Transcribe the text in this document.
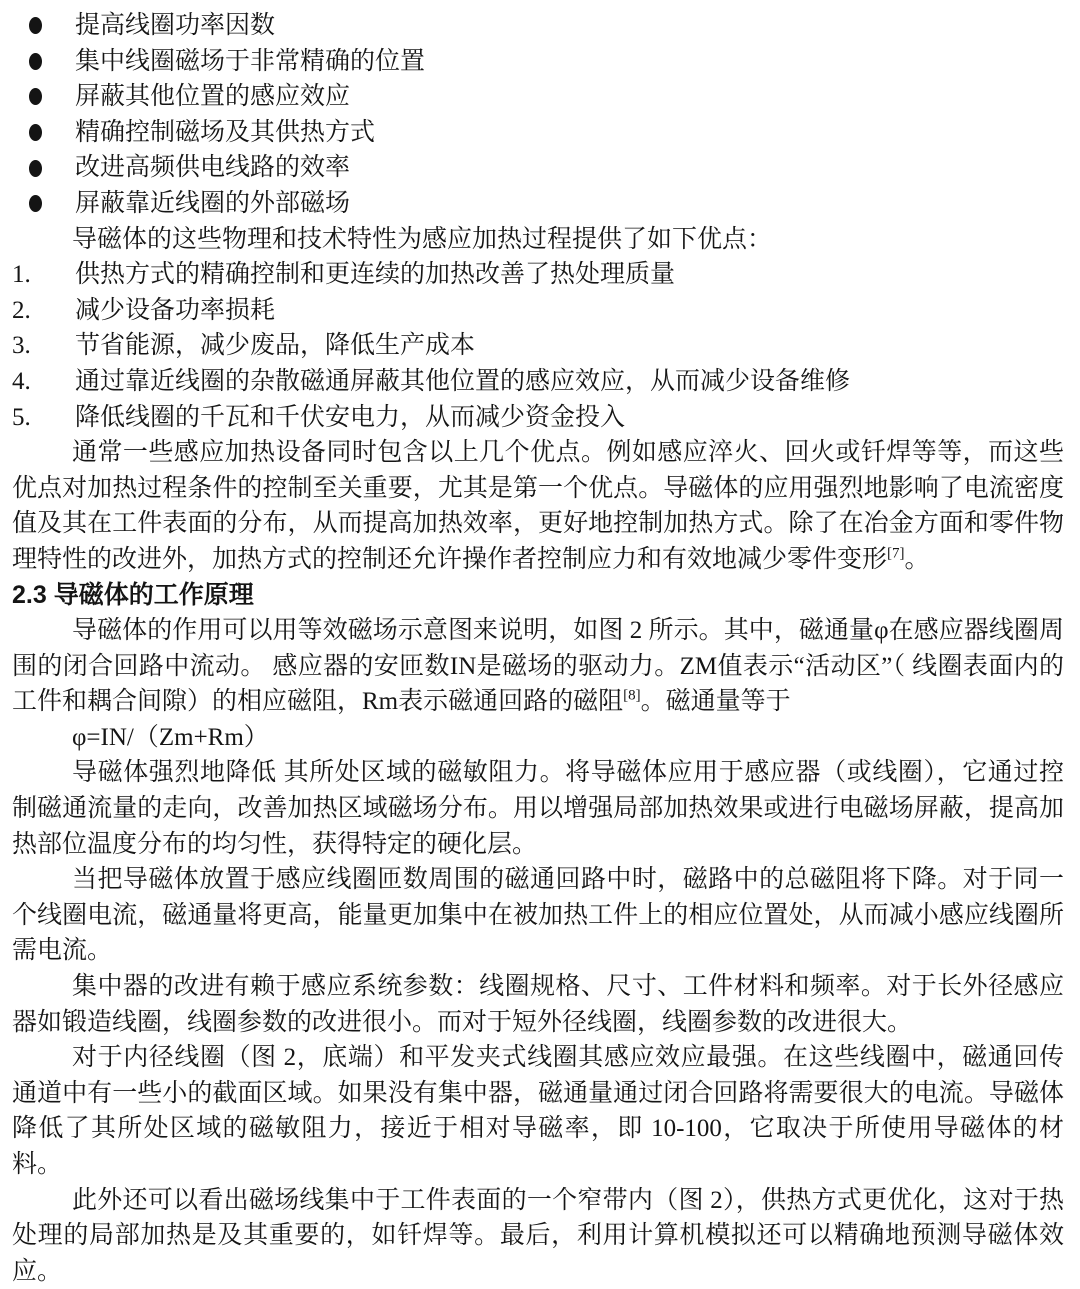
提高线圈功率因数
集中线圈磁场于非常精确的位置
屏蔽其他位置的感应效应
精确控制磁场及其供热方式
改进高频供电线路的效率
屏蔽靠近线圈的外部磁场
导磁体的这些物理和技术特性为感应加热过程提供了如下优点：
1.	供热方式的精确控制和更连续的加热改善了热处理质量
2.	减少设备功率损耗
3.	节省能源，减少废品，降低生产成本
4.	通过靠近线圈的杂散磁通屏蔽其他位置的感应效应，从而减少设备维修
5.	降低线圈的千瓦和千伏安电力，从而减少资金投入

通常一些感应加热设备同时包含以上几个优点。例如感应淬火、回火或钎焊等等，而这些优点对加热过程条件的控制至关重要，尤其是第一个优点。导磁体的应用强烈地影响了电流密度值及其在工件表面的分布，从而提高加热效率，更好地控制加热方式。除了在冶金方面和零件物理特性的改进外，加热方式的控制还允许操作者控制应力和有效地减少零件变形[7]。

2.3 导磁体的工作原理

导磁体的作用可以用等效磁场示意图来说明，如图 2 所示。其中，磁通量φ在感应器线圈周围的闭合回路中流动。 感应器的安匝数IN是磁场的驱动力。ZM值表示“活动区”（ 线圈表面内的工件和耦合间隙）的相应磁阻，Rm表示磁通回路的磁阻[8]。磁通量等于

φ=IN/（Zm+Rm）

导磁体强烈地降低 其所处区域的磁敏阻力。将导磁体应用于感应器（或线圈），它通过控制磁通流量的走向，改善加热区域磁场分布。用以增强局部加热效果或进行电磁场屏蔽，提高加热部位温度分布的均匀性，获得特定的硬化层。

当把导磁体放置于感应线圈匝数周围的磁通回路中时，磁路中的总磁阻将下降。对于同一个线圈电流，磁通量将更高，能量更加集中在被加热工件上的相应位置处，从而减小感应线圈所需电流。

集中器的改进有赖于感应系统参数：线圈规格、尺寸、工件材料和频率。对于长外径感应器如锻造线圈，线圈参数的改进很小。而对于短外径线圈，线圈参数的改进很大。

对于内径线圈（图 2，底端）和平发夹式线圈其感应效应最强。在这些线圈中，磁通回传通道中有一些小的截面区域。如果没有集中器，磁通量通过闭合回路将需要很大的电流。导磁体降低了其所处区域的磁敏阻力，接近于相对导磁率，即 10-100，它取决于所使用导磁体的材料。

此外还可以看出磁场线集中于工件表面的一个窄带内（图 2），供热方式更优化，这对于热处理的局部加热是及其重要的，如钎焊等。最后，利用计算机模拟还可以精确地预测导磁体效应。
